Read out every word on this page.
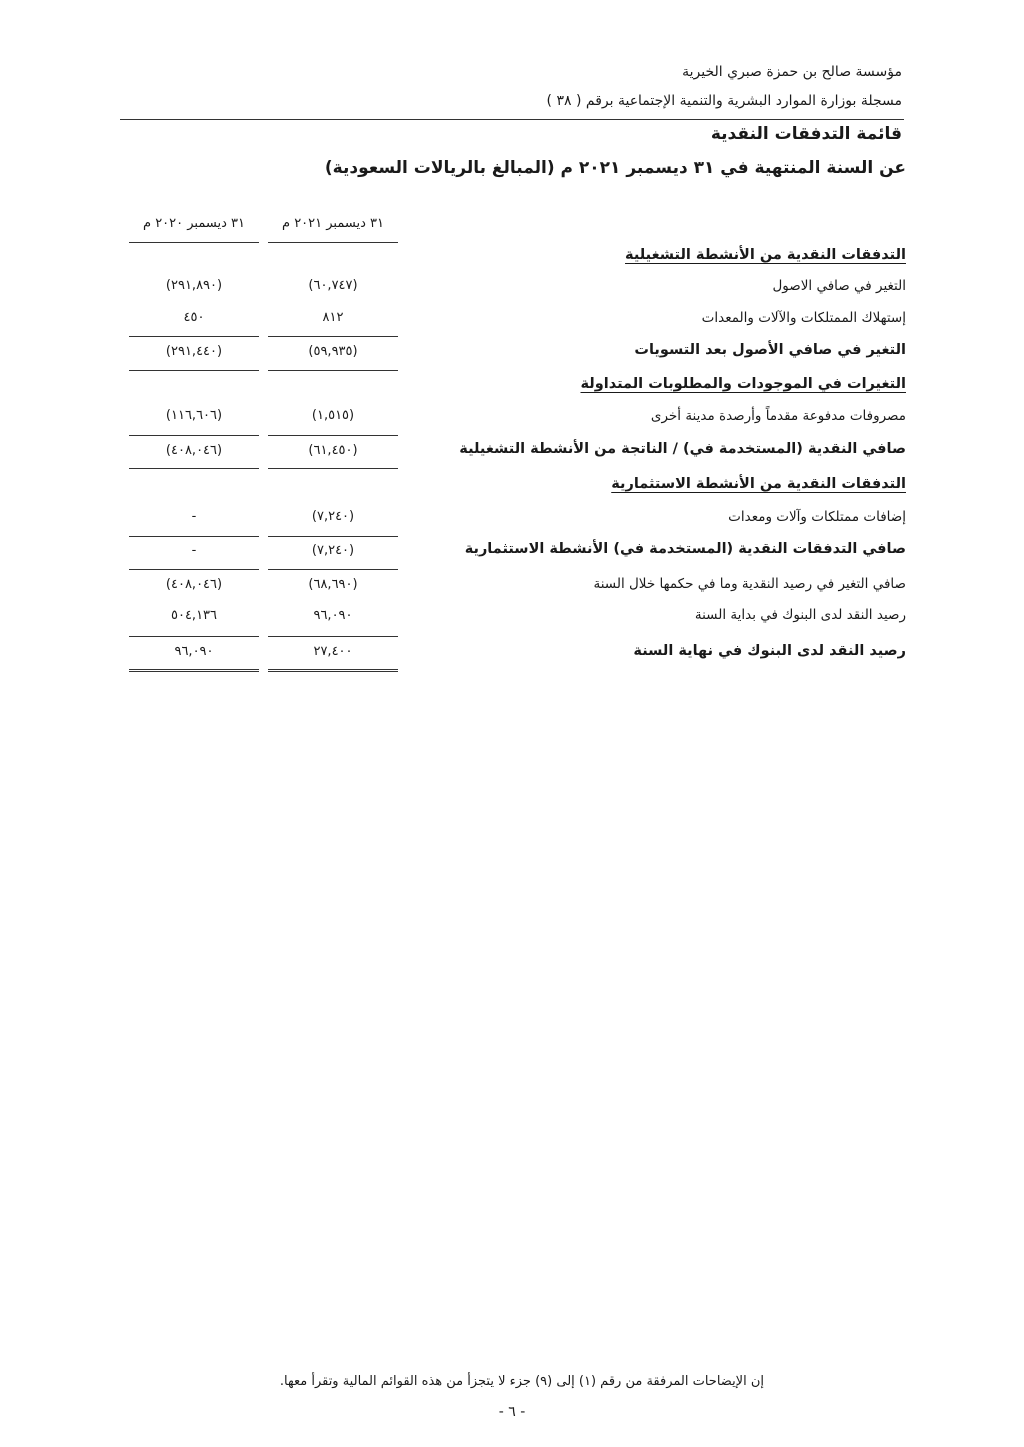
مؤسسة صالح بن حمزة صبري الخيرية
مسجلة بوزارة الموارد البشرية والتنمية الإجتماعية برقم ( ٣٨ )
قائمة التدفقات النقدية
عن السنة المنتهية في ٣١ ديسمبر ٢٠٢١ م (المبالغ بالريالات السعودية)
٣١ ديسمبر ٢٠٢١ م
٣١ ديسمبر ٢٠٢٠ م
التدفقات النقدية من الأنشطة التشغيلية
التغير في صافي الاصول
(٦٠,٧٤٧)
(٢٩١,٨٩٠)
إستهلاك الممتلكات والآلات والمعدات
٨١٢
٤٥٠
التغير في صافي الأصول بعد التسويات
(٥٩,٩٣٥)
(٢٩١,٤٤٠)
التغيرات في الموجودات والمطلوبات المتداولة
مصروفات مدفوعة مقدماً وأرصدة مدينة أخرى
(١,٥١٥)
(١١٦,٦٠٦)
صافي النقدية (المستخدمة في) / الناتجة من الأنشطة التشغيلية
(٦١,٤٥٠)
(٤٠٨,٠٤٦)
التدفقات النقدية من الأنشطة الاستثمارية
إضافات ممتلكات وآلات ومعدات
(٧,٢٤٠)
-
صافي التدفقات النقدية (المستخدمة في) الأنشطة الاستثمارية
(٧,٢٤٠)
-
صافي التغير في رصيد النقدية وما في حكمها خلال السنة
(٦٨,٦٩٠)
(٤٠٨,٠٤٦)
رصيد النقد لدى البنوك في بداية السنة
٩٦,٠٩٠
٥٠٤,١٣٦
رصيد النقد لدى البنوك في نهاية السنة
٢٧,٤٠٠
٩٦,٠٩٠
إن الإيضاحات المرفقة من رقم (١) إلى (٩) جزء لا يتجزأ من هذه القوائم المالية وتقرأ معها.
- ٦ -
